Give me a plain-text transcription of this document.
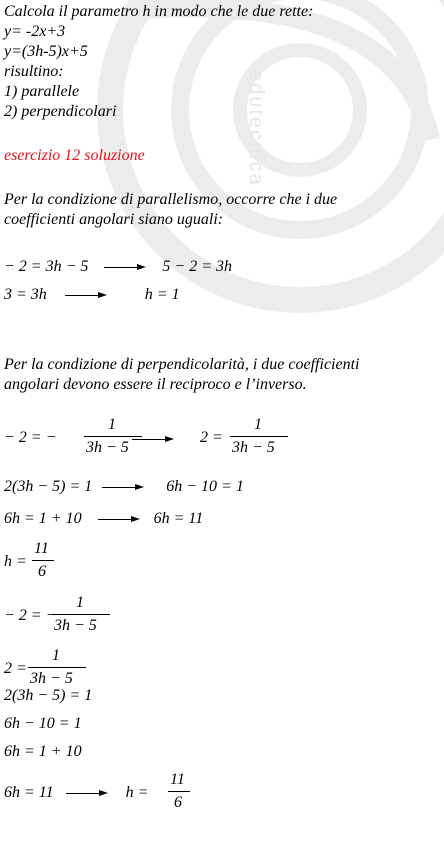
edutecnica
Calcola il parametro h in modo che le due rette:
y= -2x+3
y=(3h-5)x+5
risultino:
1) parallele
2) perpendicolari
esercizio 12 soluzione
Per la condizione di parallelismo, occorre che i due
coefficienti angolari siano uguali:
− 2 = 3h − 5	5 − 2 = 3h
3 = 3h	h = 1
Per la condizione di perpendicolarità, i due coefficienti
angolari devono essere il reciproco e l’inverso.
− 2 = −
1
3h − 5
2 =
1
3h − 5
2(3h − 5) = 1	6h − 10 = 1
6h = 1 + 10	6h = 11
h =
11
6
− 2 = −
1
3h − 5
2 =
1
3h − 5
2(3h − 5) = 1
6h − 10 = 1
6h = 1 + 10
6h = 11	h =
11
6
